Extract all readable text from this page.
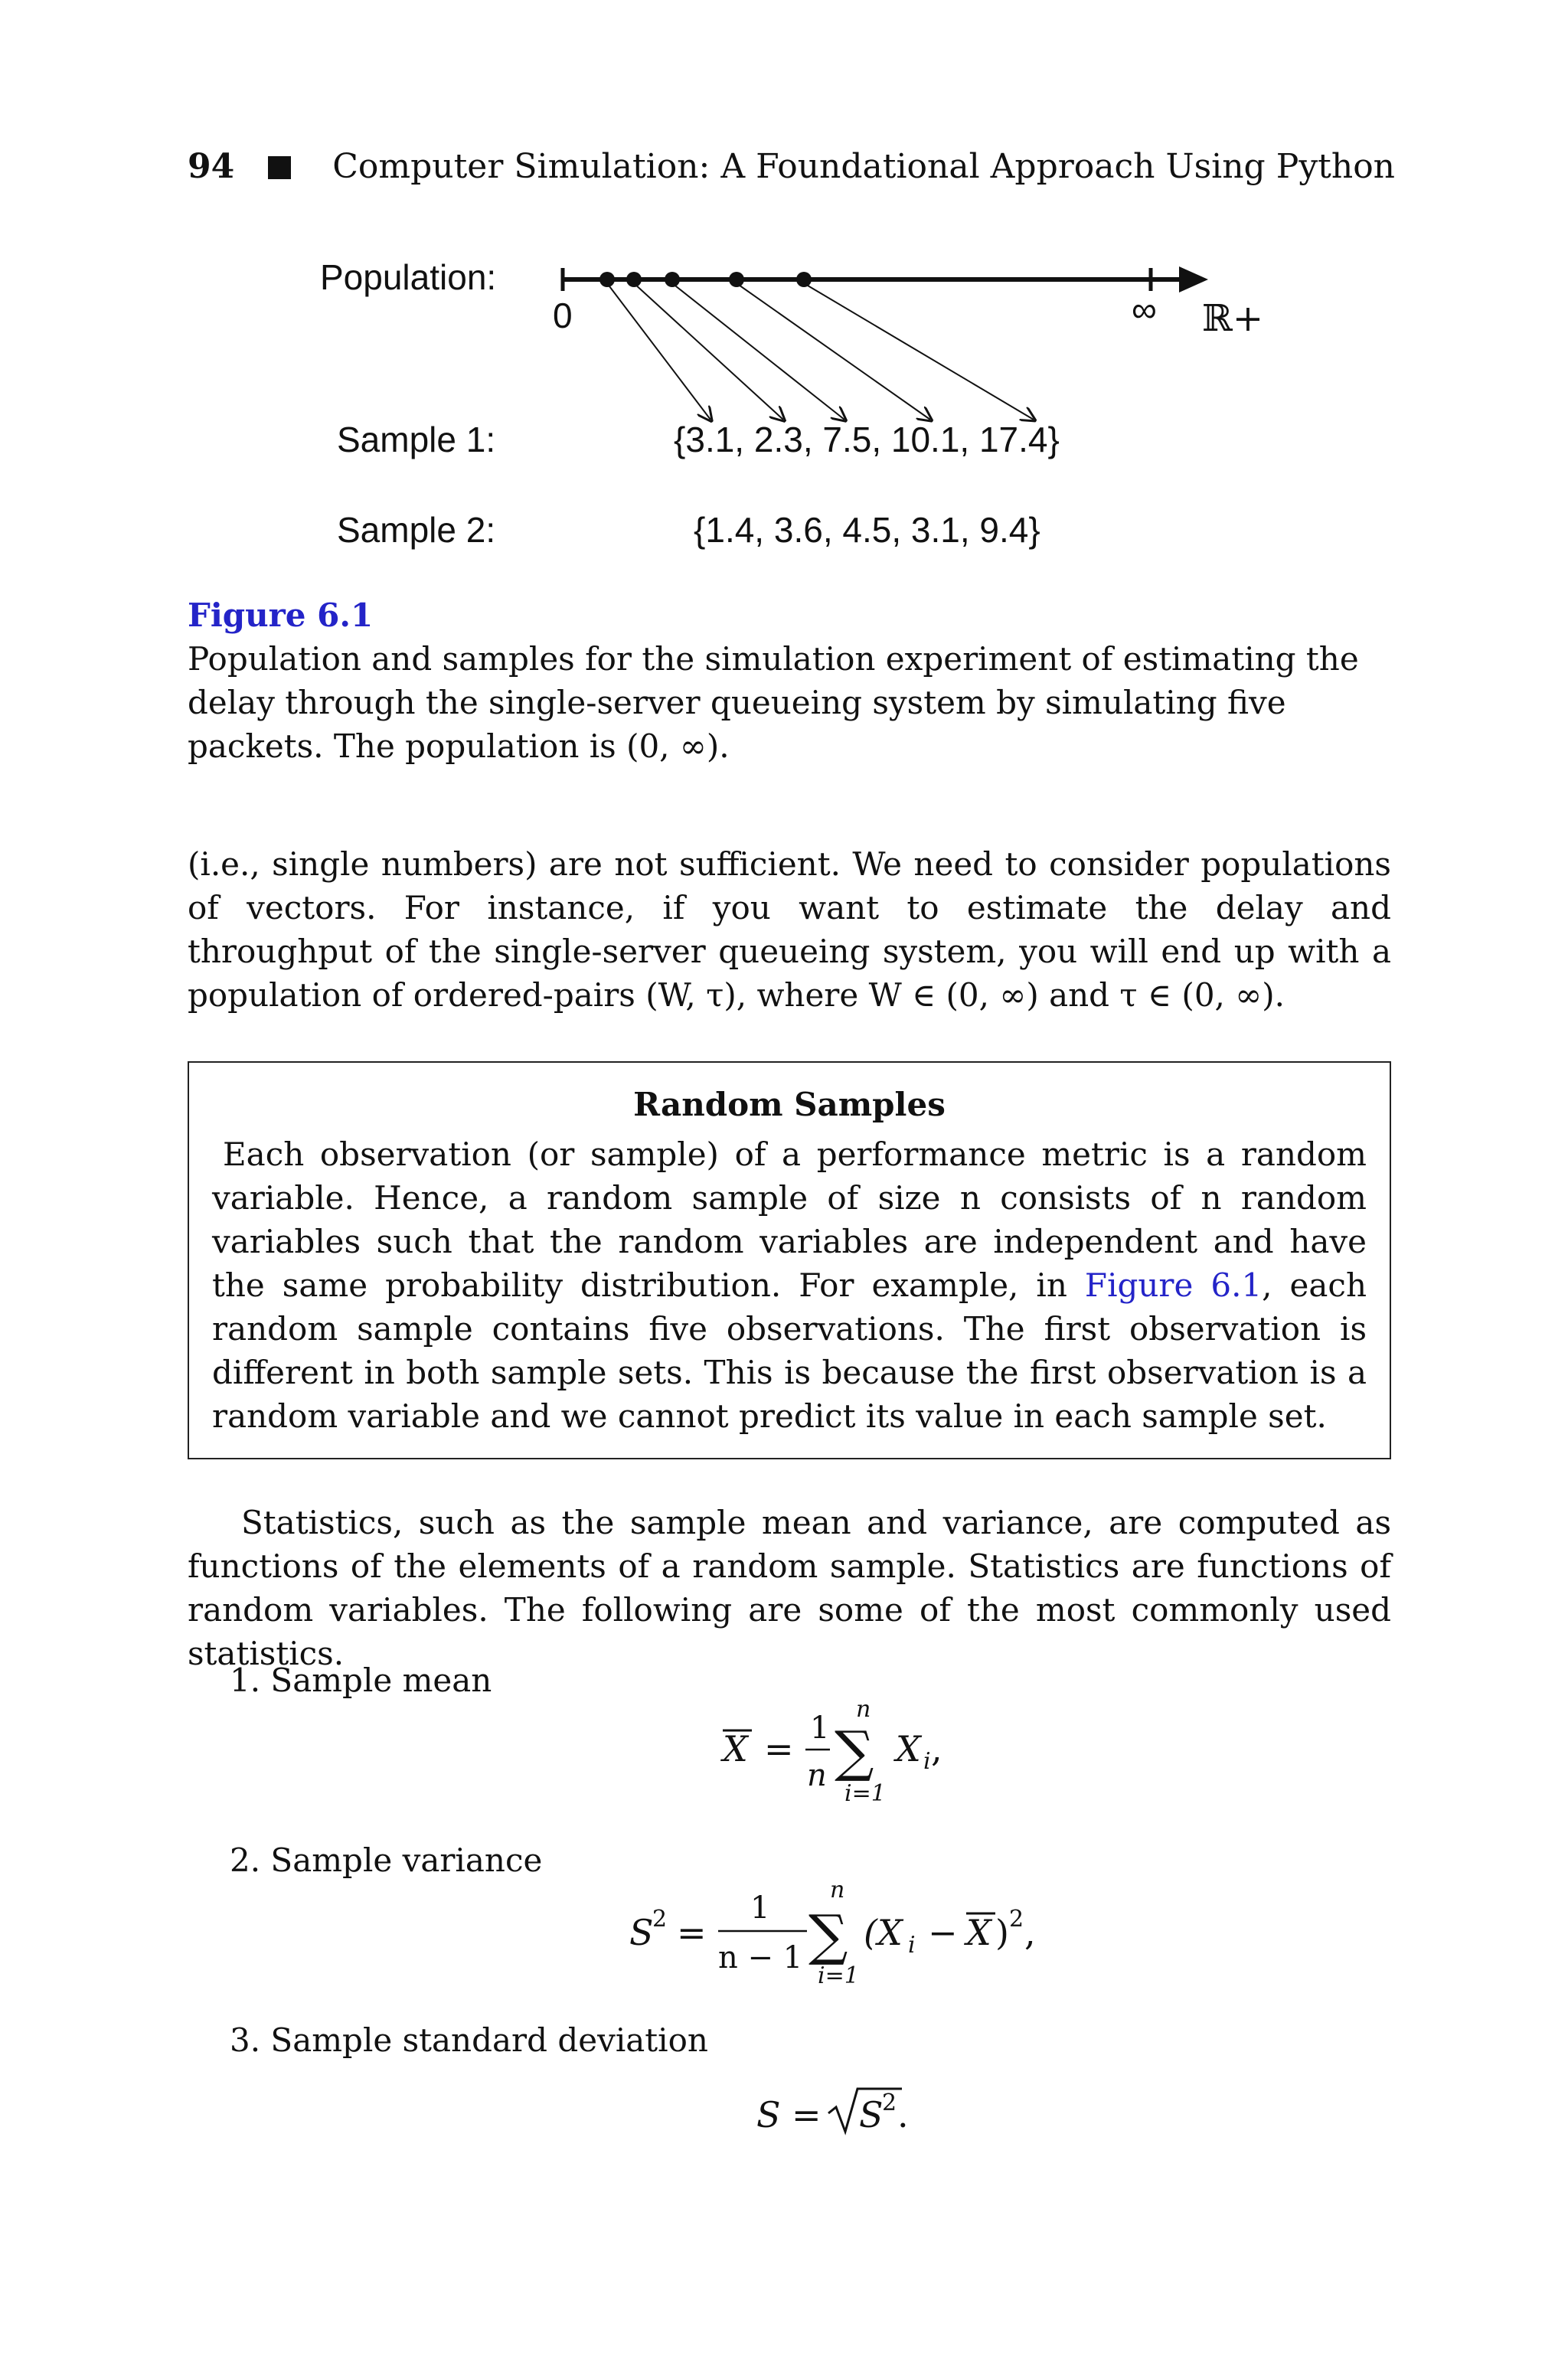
94	Computer Simulation: A Foundational Approach Using Python
Population:
0	∞ ℝ+
Sample 1:	{3.1, 2.3, 7.5, 10.1, 17.4}
Sample 2:	{1.4, 3.6, 4.5, 3.1, 9.4}
Figure 6.1
Population and samples for the simulation experiment of estimating the delay through the single-server queueing system by simulating five packets. The population is (0, ∞).
(i.e., single numbers) are not sufficient. We need to consider populations of vectors. For instance, if you want to estimate the delay and throughput of the single-server queueing system, you will end up with a population of ordered-pairs (W, τ), where W ∈ (0, ∞) and τ ∈ (0, ∞).
Random Samples
Each observation (or sample) of a performance metric is a random variable. Hence, a random sample of size n consists of n random variables such that the random variables are independent and have the same probability distribution. For example, in Figure 6.1, each random sample contains five observations. The first observation is different in both sample sets. This is because the first observation is a random variable and we cannot predict its value in each sample set.
Statistics, such as the sample mean and variance, are computed as functions of the elements of a random sample. Statistics are functions of random variables. The following are some of the most commonly used statistics.
1. Sample mean
2. Sample variance
3. Sample standard deviation
X = 1
n
n
∑
i=1
X i ,
S
2 =
1
n − 1
n
∑
i=1
(X i − X ) 2 ,
S = S
2 .
